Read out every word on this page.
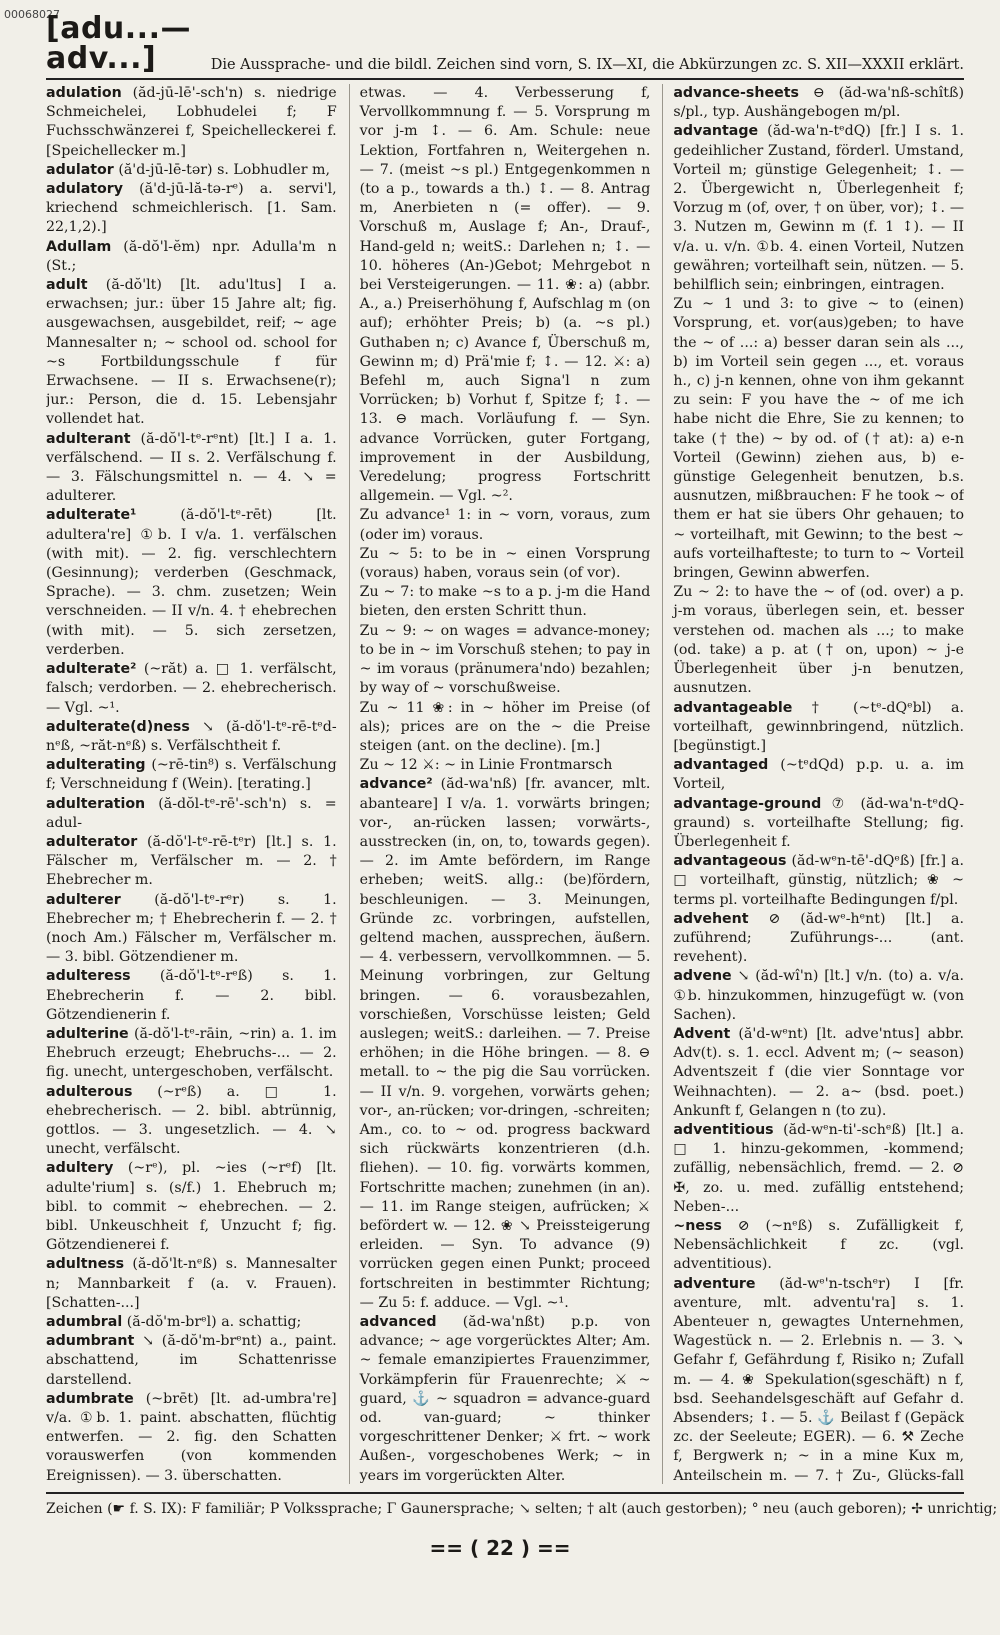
00068027
[adu...—adv...]	Die Aussprache- und die bildl. Zeichen sind vorn, S. IX—XI, die Abkürzungen zc. S. XII—XXXII erklärt.

adulation (ăd-jū-lē'-sch'n) s. niedrige Schmeichelei, Lobhudelei f; F Fuchsschwänzerei f, Speichelleckerei f. [Speichellecker m.]

adulator (ă'd-jū-lē-tər) s. Lobhudler m,

adulatory (ă'd-jū-lă-tə-rᵉ) a. servi'l, kriechend schmeichlerisch. [1. Sam. 22,1,2).]

Adullam (ă-dŏ'l-ĕm) npr. Adulla'm n (St.;

adult (ă-dŏ'lt) [lt. adu'ltus] I a. erwachsen; jur.: über 15 Jahre alt; fig. ausgewachsen, ausgebildet, reif; ~ age Mannesalter n; ~ school od. school for ~s Fortbildungsschule f für Erwachsene. — II s. Erwachsene(r); jur.: Person, die d. 15. Lebensjahr vollendet hat.

adulterant (ă-dŏ'l-tᵉ-rᵉnt) [lt.] I a. 1. verfälschend. — II s. 2. Verfälschung f. — 3. Fälschungsmittel n. — 4. ↘ = adulterer.

adulterate¹	(ă-dŏ'l-tᵉ-rēt) [lt. adultera're] ①b. I v/a. 1. verfälschen (with mit). — 2. fig. verschlechtern (Gesinnung); verderben (Geschmack, Sprache). — 3. chm. zusetzen; Wein verschneiden. — II v/n. 4. † ehebrechen (with mit). — 5. sich zersetzen, verderben.

adulterate² (~răt) a. □ 1. verfälscht, falsch; verdorben. — 2. ehebrecherisch. — Vgl. ~¹.

adulterate(d)ness ↘ (ă-dŏ'l-tᵉ-rē-tᵉd-nᵉß, ~răt-nᵉß) s. Verfälschtheit f.

adulterating (~rē-tin⁸) s. Verfälschung f; Verschneidung f (Wein). [terating.]

adulteration (ă-dŏl-tᵉ-rē'-sch'n) s. = adul-

adulterator (ă-dŏ'l-tᵉ-rē-tᵉr) [lt.] s. 1. Fälscher m, Verfälscher m. — 2. † Ehebrecher m.

adulterer (ă-dŏ'l-tᵉ-rᵉr) s. 1. Ehebrecher m; † Ehebrecherin f. — 2. † (noch Am.) Fälscher m, Verfälscher m. — 3. bibl. Götzendiener m.

adulteress (ă-dŏ'l-tᵉ-rᵉß) s. 1. Ehebrecherin f. — 2. bibl. Götzendienerin f.

adulterine (ă-dŏ'l-tᵉ-rāin, ~rin) a. 1. im Ehebruch erzeugt; Ehebruchs-... — 2. fig. unecht, untergeschoben, verfälscht.

adulterous (~rᵉß) a. □ 1. ehebrecherisch. — 2. bibl. abtrünnig, gottlos. — 3. ungesetzlich. — 4. ↘ unecht, verfälscht.

adultery (~rᵉ), pl. ~ies (~rᵉf) [lt. adulte'rium] s. (s/f.) 1. Ehebruch m; bibl. to commit ~ ehebrechen. — 2. bibl. Unkeuschheit f, Unzucht f; fig. Götzendienerei f.

adultness (ă-dŏ'lt-nᵉß) s. Mannesalter n; Mannbarkeit f (a. v. Frauen). [Schatten-...]

adumbral (ă-dŏ'm-brᵉl) a. schattig;

adumbrant ↘ (ă-dŏ'm-brᵉnt) a., paint. abschattend, im Schattenrisse darstellend.

adumbrate (~brēt) [lt. ad-umbra're] v/a. ①b. 1. paint. abschatten, flüchtig entwerfen. — 2. fig. den Schatten vorauswerfen (von kommenden Ereignissen). — 3. überschatten.

etwas. — 4. Verbesserung f, Vervollkommnung f. — 5. Vorsprung m vor j-m ↕. — 6. Am. Schule: neue Lektion, Fortfahren n, Weitergehen n. — 7. (meist ~s pl.) Entgegenkommen n (to a p., towards a th.) ↕. — 8. Antrag m, Anerbieten n (= offer). — 9. Vorschuß m, Auslage f; An-, Drauf-, Hand-geld n; weitS.: Darlehen n; ↕. — 10. höheres (An-)Gebot; Mehrgebot n bei Versteigerungen. — 11. ❀: a) (abbr. A., a.) Preiserhöhung f, Aufschlag m (on auf); erhöhter Preis; b) (a. ~s pl.) Guthaben n; c) Avance f, Überschuß m, Gewinn m; d) Prä'mie f; ↕. — 12. ⚔: a) Befehl m, auch Signa'l n zum Vorrücken; b) Vorhut f, Spitze f; ↕. — 13. ⊖ mach. Vorläufung f. — Syn. advance Vorrücken, guter Fortgang, improvement in der Ausbildung, Veredelung; progress Fortschritt allgemein. — Vgl. ~².

Zu advance¹ 1: in ~ vorn, voraus, zum (oder im) voraus.

Zu ~ 5: to be in ~ einen Vorsprung (voraus) haben, voraus sein (of vor).

Zu ~ 7: to make ~s to a p. j-m die Hand bieten, den ersten Schritt thun.

Zu ~ 9: ~ on wages = advance-money; to be in ~ im Vorschuß stehen; to pay in ~ im voraus (pränumera'ndo) bezahlen; by way of ~ vorschußweise.

Zu ~ 11 ❀: in ~ höher im Preise (of als); prices are on the ~ die Preise steigen (ant. on the decline). [m.]

Zu ~ 12 ⚔: ~ in Linie Frontmarsch

advance² (ăd-wa'nß) [fr. avancer, mlt. abanteare] I v/a. 1. vorwärts bringen; vor-, an-rücken lassen; vorwärts-, ausstrecken (in, on, to, towards gegen). — 2. im Amte befördern, im Range erheben; weitS. allg.: (be)fördern, beschleunigen. — 3. Meinungen, Gründe zc. vorbringen, aufstellen, geltend machen, aussprechen, äußern. — 4. verbessern, vervollkommnen. — 5. Meinung vorbringen, zur Geltung bringen. — 6. vorausbezahlen, vorschießen, Vorschüsse leisten; Geld auslegen; weitS.: darleihen. — 7. Preise erhöhen; in die Höhe bringen. — 8. ⊖ metall. to ~ the pig die Sau vorrücken. — II v/n. 9. vorgehen, vorwärts gehen; vor-, an-rücken; vor-dringen, -schreiten; Am., co. to ~ od. progress backward sich rückwärts konzentrieren (d.h. fliehen). — 10. fig. vorwärts kommen, Fortschritte machen; zunehmen (in an). — 11. im Range steigen, aufrücken; ⚔ befördert w. — 12. ❀ ↘ Preissteigerung erleiden. — Syn. To advance (9) vorrücken gegen einen Punkt; proceed fortschreiten in bestimmter Richtung; — Zu 5: f. adduce. — Vgl. ~¹.

advanced (ăd-wa'nßt) p.p. von advance; ~ age vorgerücktes Alter; Am. ~ female emanzipiertes Frauenzimmer, Vorkämpferin für Frauenrechte; ⚔ ~ guard, ⚓ ~ squadron = advance-guard od. van-guard; ~ thinker vorgeschrittener Denker; ⚔ frt. ~ work Außen-, vorgeschobenes Werk; ~ in years im vorgerückten Alter.

advance-sheets ⊖ (ăd-wa'nß-schîtß) s/pl., typ. Aushängebogen m/pl.

advantage (ăd-wa'n-tᵉdQ) [fr.] I s. 1. gedeihlicher Zustand, förderl. Umstand, Vorteil m; günstige Gelegenheit; ↕. — 2. Übergewicht n, Überlegenheit f; Vorzug m (of, over, † on über, vor); ↕. — 3. Nutzen m, Gewinn m (f. 1 ↕). — II v/a. u. v/n. ①b. 4. einen Vorteil, Nutzen gewähren; vorteilhaft sein, nützen. — 5. behilflich sein; einbringen, eintragen.

Zu ~ 1 und 3: to give ~ to (einen) Vorsprung, et. vor(aus)geben; to have the ~ of ...: a) besser daran sein als ..., b) im Vorteil sein gegen ..., et. voraus h., c) j-n kennen, ohne von ihm gekannt zu sein: F you have the ~ of me ich habe nicht die Ehre, Sie zu kennen; to take († the) ~ by od. of († at): a) e-n Vorteil (Gewinn) ziehen aus, b) e-günstige Gelegenheit benutzen, b.s. ausnutzen, mißbrauchen: F he took ~ of them er hat sie übers Ohr gehauen; to ~ vorteilhaft, mit Gewinn; to the best ~ aufs vorteilhafteste; to turn to ~ Vorteil bringen, Gewinn abwerfen.

Zu ~ 2: to have the ~ of (od. over) a p. j-m voraus, überlegen sein, et. besser verstehen od. machen als ...; to make (od. take) a p. at († on, upon) ~ j-e Überlegenheit über j-n benutzen, ausnutzen.

advantageable † (~tᵉ-dQᵉbl) a. vorteilhaft, gewinnbringend, nützlich. [begünstigt.]

advantaged (~tᵉdQd) p.p. u. a. im Vorteil,

advantage-ground ⑦ (ăd-wa'n-tᵉdQ-graund) s. vorteilhafte Stellung; fig. Überlegenheit f.

advantageous (ăd-wᵉn-tē'-dQᵉß) [fr.] a. □ vorteilhaft, günstig, nützlich; ❀ ~ terms pl. vorteilhafte Bedingungen f/pl.

advehent ⊘ (ăd-wᵉ-hᵉnt) [lt.] a. zuführend; Zuführungs-... (ant. revehent).

advene ↘ (ăd-wî'n) [lt.] v/n. (to) a. v/a. ①b. hinzukommen, hinzugefügt w. (von Sachen).

Advent (ă'd-wᵉnt) [lt. adve'ntus] abbr. Adv(t). s. 1. eccl. Advent m; (~ season) Adventszeit f (die vier Sonntage vor Weihnachten). — 2. a~ (bsd. poet.) Ankunft f, Gelangen n (to zu).

adventitious (ăd-wᵉn-ti'-schᵉß) [lt.] a. □ 1. hinzu-gekommen, -kommend; zufällig, nebensächlich, fremd. — 2. ⊘ ✠, zo. u. med. zufällig entstehend; Neben-...

~ness ⊘ (~nᵉß) s. Zufälligkeit f, Nebensächlichkeit f zc. (vgl. adventitious).

adventure (ăd-wᵉ'n-tschᵉr) I [fr. aventure, mlt. adventu'ra] s. 1. Abenteuer n, gewagtes Unternehmen, Wagestück n. — 2. Erlebnis n. — 3. ↘ Gefahr f, Gefährdung f, Risiko n; Zufall m. — 4. ❀ Spekulation(sgeschäft) n f, bsd. Seehandelsgeschäft auf Gefahr d. Absenders; ↕. — 5. ⚓ Beilast f (Gepäck zc. der Seeleute; EGER). — 6. ⚒ Zeche f, Bergwerk n; ~ in a mine Kux m, Anteilschein m. — 7. † Zu-, Glücks-fall

Zeichen (☛ f. S. IX): F familiär; P Volkssprache; Γ Gaunersprache; ↘ selten; † alt (auch gestorben); ° neu (auch geboren); ✢ unrichtig;
== ( 22 ) ==
